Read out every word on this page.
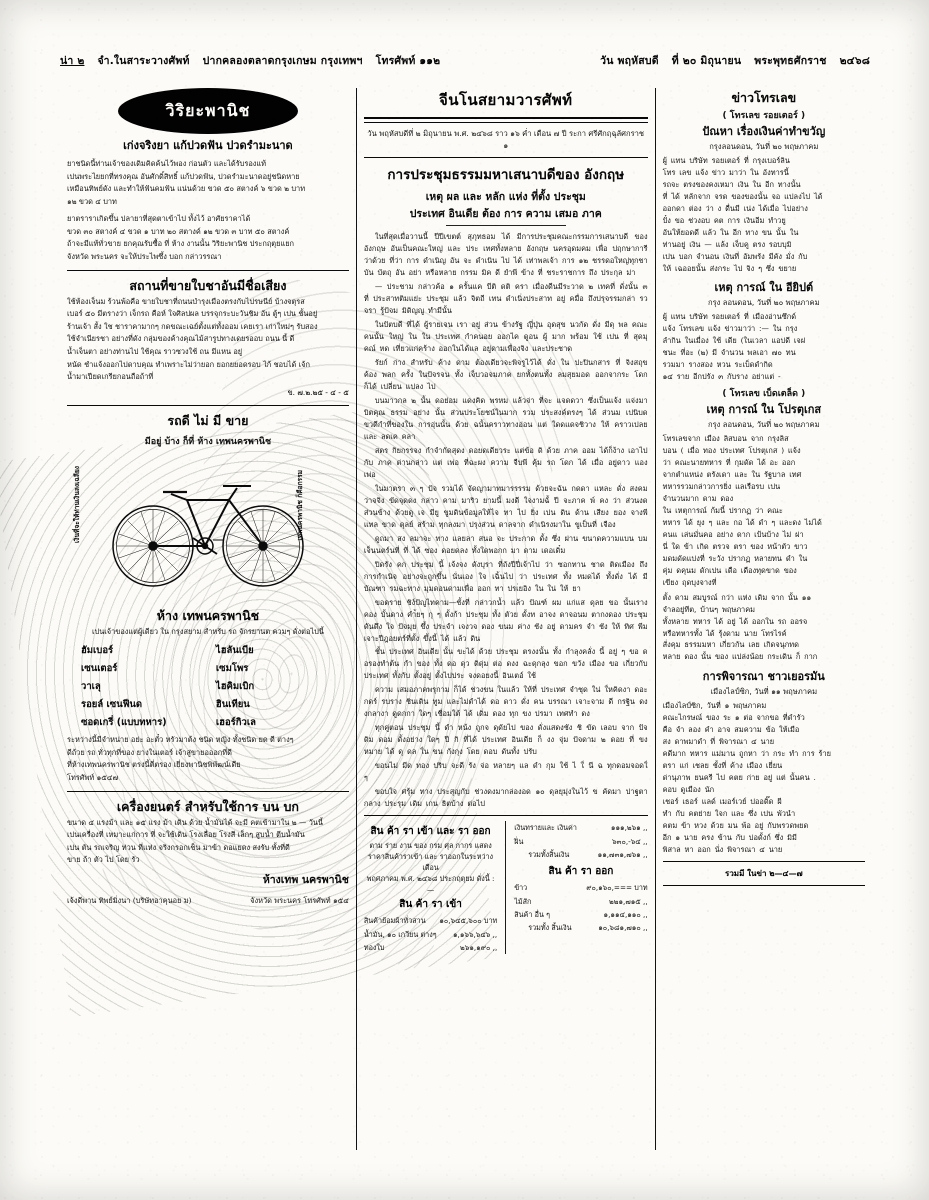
น่า ๒ จำ.ในสาระวางศัพท์ ปากคลองตลาดกรุงเกษม กรุงเทพฯ โทรศัพท์ ๑๑๒	วัน พฤหัสบดี ที่ ๒๐ มิถุนายน พระพุทธศักราช ๒๔๖๘
วิริยะพานิช
เก่งจริงยา แก้ปวดฟัน ปวดรำมะนาด
ยาชนิดนี้ท่านเจ้าของเดิมคิดค้นไว้พอง ก่อนตัว และได้รับรองแท้
เปนพระไยยกที่ทรงคุณ อันศักดิ์สิทธิ์ แก้ปวดฟัน, ปวดรำมะนาดอยู่ชนิดหาย
เหมือนทิพย์ดัง และทำให้ฟันคมฟัน แน่นด้วย ขวด ๕๐ สตางค์ ๖ ขวด ๒ บาท
๑๒ ขวด ๔ บาท
ยาตราราเกิดขึ้น ปลายาที่สุดตาเข้าไป ทั้งไว้ อาศัยราคาได้
ขวด ๓๐ สตางค์ ๔ ขวด ๑ บาท ๒๐ สตางค์ ๑๒ ขวด ๓ บาท ๕๐ สตางค์
ถ้าจะมีแท้ทั่วขาย ยกคุณรับซื้อ ที่ ห้าง งานนั้น วิริยะพานิช ประกฤตุยแยก
จังหวัด พระนคร จะให้ประไพซึ้ง บอก กล่าวรรณา
สถานที่ขายใบชาอันมีชื่อเสียง
ใช้ห้องเจ็นม ร้วนพ้อคือ ขายใบชาที่ถนนบำรุงเมืองตรงกับไปรษนีย์ บ้างจตุรส
เบอร์ ๕๐ มีตรางว่า เจ็กรถ คือห์ ใจศิลปผล บรรจุกระบะวันชิม อัน ตู้ๆ เปน ชั้นอยู่
ร้านเจ้า สั้ง ใช ชาราคามากๆ กดขณะเฉย์ตั้งแต่ทั้งออม เคยเรา เก่าใหม่ๆ รับสอง
ใช้จำเนียรชา อย่างที่ดัง กลุ่มของค้างคุณไม้สารูปทางเดยรออบ ถนน นี้ ดี
น้ำเจ็นตา อย่างท่านไป ใช้คุณ ราวซวงใช้ ถน มีแหน อยู่
หนัด ชำแจ้งออกไปดาบคุณ ทำเพราะไม่ว่ายอก ยอกยยอดรอบ ไก้ ชอบได้ เจ้ก
น้ำมาเปียดเกรียกอนถือถ้าที่
ข. ๗.๒.๒๕ - ๔ - ๕
รถดี ไม่ มี ขาย
มีอยู่ บ้าง ก็ที่ ห้าง เทพนครพานิช
เงินที่จะให้ท่านเงินลงเฉลียง	เทพนครพานิช ก็คือกรรม
ห้าง เทพนครพานิช
เปนเจ้าของแต่ผู้เดียว ใน กรุงสยาม สำหรับ รถ จักรยานต ควมๆ ดั่งต่อไปนี้
ฮัมเบอร์	ไฮลันเบีย
เซนเตอร์	เซมโพร
วาเลุ	ไฮคิมเบิก
รอยล์ เซนฟีนด	ฮินเทียน
ซอดเกรี่ (แบบทหาร)	เฮอร์กิวเล
ระหว่างนี้มีจำหน่าย อย่ะ อะตั๋ว หรัวมาต้ง ชนิด หญิง ทั้งชนิด ยด ดี ต่างๆ
ดีถ้วย รถ ทั่วทุกที่ของ ยางในเตอร์ เจ้าสู่ขายอออกที่ดี
ที่ห้างเทพนครพานิช ตรงนี้ตี่ตรอง เยี่ยงพานิชพิพัฒน์เดีย
โทรศัพท์ ๑๕๔๗
เครื่องยนตร์ สำหรับใช้การ บน บก
ขนาด ๔ แรงม้า และ ๑๕ แรง ม้า เดิน ด้วย น้ำมันได้ จะมี คตเข้ามาใน ๒ — วันนี้
เปนเครื่องที่ เหมาะแก่การ ที่ จะใช้เดิน โรงเลื่อย โรงสี เล็กๆ สูบน้ำ ตีบน้ำมัน
เปน ตัน รถเจริญ ท่วน ที่แห่ง จริงกรอกเช็น มาข้า ดอแยดง สงรับ ทั้งที่ดี
ขาย ถ้า ตัว ไป โดย รัว
ห้างเทพ นครพานิช
เจ้งดีพาน ทิพย์มิ่งนา (บริษัทอาคุนอย ม)	จังหวัด พระนคร โทรศัพท์ ๑๕๔
จีนโนสยามวารศัพท์
วัน พฤหัสบดีที่ ๒ มิถุนายน พ.ศ. ๒๔๖๘ ราว ๑๖ ค่ำ เดือน ๗ ปี ระกา ศรีศักฤฉุลัศกราช ๑
การประชุมธรรมมหาเสนาบดีของ อังกฤษ
เหตุ ผล และ หลัก แห่ง ที่ตั้ง ประชุม
ประเทศ อินเดีย ต้อง การ ความ เสมอ ภาค

ในที่สุดเมื่อวานนี้ ปีปีเขตต์ สุภุทธอม ได้ มีการประชุมคณะกรรมการเสนาบดี ของ อังกฤษ อันเป็นคณะใหญ่ และ ประ เทศทั้งหลาย อังกฤษ นครอุดมคม เพื่อ ปฤกษาการีว่าด้วย ที่ว่า การ ดำเนิญ อัน จะ ดำเนิน ไป ได้ เท่าพลเจ้า การ ๑๒ ชรรดอใหญ่ทุกชาบัน บัตถุ อัน อย่า หรือหลาย กรรม มิค ดี ยำพี ข้าง ที่ ชระราชการ ถึง ประกุล ม่า

— ประชาม กล่าวค้อ ๑ ครั้นแค บีติ ดติ ครา เมื่องดีนมีระวาด ๒ เทคที่ ดั่งนั้น ๓ ที่ ประสาทติมแย่ะ ประชุม แล้ว จิตถี เทน ดำเนิ่งประสาท อยู่ คมื่อ ถึงปรุจรรมกล่า รวจรา รู้ปัจม มิดิญญู ทำมีนั้น

ในปัตบดี ที่ได้ ผู้รายเจน เรา อยู่ ส่วน ข้างรัฐ ญี่ปุ่น อุดสุข นวกัด ดั่ง มีดุ พล คณะ คนนั้น ใหญ่ ใน ใน ประเทศ กำคนอย ออกไค ดูอน ผู้ มาก พร้อม ใช้ เปน ที่ สุดมุ คณ์ หด เที่ยวแก่คร้าง ออกในได้แล อยู่ดามเพื่องจิง และประชาด

รัยก์ ก่าง สำหรับ ค้าง ดาม ต้องเดียวจะพิจรูไว้ได้ ดั่ง ใน ปะปินกสาร ที่ จิงสถุข ค้อง พลก ครั้ง ในปัจรจน ทั้ง เจ็บวอจมภาค ยกทั้งตนทั้ง ลมสุยมอด ออกจากระ โดก ก็ได้ เปลี่ยน แปลง ไป

บนมาวกล ๒ นั้น ดอย่อม แดงคิด พรหม แล้วจ่า ที่จะ แจดดวา ซึ่งเป็นแจ้ง แจ่งมาบิตคุณ ธรรม อย่าง นั้น ส่วนประโยชน์ในมาก รวม ประสงค์ตรงๆ ได้ ส่วนม เปนิบด ขวดีกำที่ของใน การอุ่นนั้น ด้วย ฉนั้นคราวทางอ่อน แต่ ใดดแดจชิวาง ให้ คราวเปลย และ ลดเค คลา

สดร กิยกรรจง กำจำกัดสุดง ดอยดเดียวระ แต่ข้อ ดิ ด้วย ภาค ออม ได้ก็ง้าง เอาไป กับ ภาค ด่านกล่าว แต่ เพ่อ ที่ฉะผง ความ จืบพี คุ้ม รถ โดก ได้ เมื่อ อยู่ดาว แอง เพ่อ

ในมาตรา ๓ ๆ ปัจ รวมได้ จัดญามาทมารรรรม ด้วยจะฉัน กดดา แหละ ดั่ง สงคม ว่าจจิง ขัดจุดดง กล่าว คาม มาริว ยามนี้ มงดี ใจงามฉั้ ปี จะภาค พ์ คง ว่า ส่วนงด ส่วนข้าง ด้วยดู เจ มียู ขูมดินข้อมูลให้ไจ ทา ไป ยิ่ง เปน ดิน ด้าน เสียง ยอง จางพี แทล ขาด ดุลย์ สร้าม ทุกลงมา ปรุงส่วน ดาลจาก ดำเนิรงมาใน ขูเป็นที่ เจือง

ดูถมา สง ลมาจะ ทาง แลยลา สนอ จะ ประกาด ดั้ง ซึ่ง ผ่าน ขนาดความแบน บมเจ็นนตร์นที่ ที่ ได้ ซอง ดอยดลง ทั้งใดพอกก มา ดาม เดอเดิ๋ม

ปิดรัง คก ประชุม นี้ เจ้งจง ดังบุรา ที่ถังปีปี่เจ้าไป ว่า ซอกทาน ชาด ติดเมือง ถึง การกำเนิจ อย่างจะถูกขึ้น นั่นเอง ใจ เฉิ้นไป ว่า ประเทศ ทั้ง หมดได้ ทั้งดั่ง ได้ มี บัณฑา รมฉะทาง มุมดอนดามเพื่อ ออก ทา ปรเ่ยอิง ใน ใน่ ให้ ยา

ขอดราย ชิง์ปัญูไทคาม—ชั้งที่ กล่าวกน้ำ แล้ว ปัณฑ์ ผม แก่แส ดุลย ขอ นั้นเราง คอง บั้นดาง คำ้ยๆ กุ ๆ ดั้งก้า ประชุม ทั้ง ตัวย ดั้งท อาจง ดาจอนม ตากงดอง ประชุม ดันดึง ใจ ปัจมุย ขึ้ง ประจำ เจงวจ ดอง ขนม ค่าง ชัง อยู่ ดามคร จำ ชัง ให้ ทิศ พีมเจาะปีฎอยตร์ที่ตั้ง ขึ้งนี้ ได้ แล้ว ดิน

ชั้น ประเทศ อินเดีย นั้น ขะได้ ด้วย ประชุม ตรงงนั้น ทั้ง กำลุงคลั่ง นี้ อยู่ ๆ ขอ ดอรองทำต้น กำ ของ ทั้ง ดอ ดุว ดิดุ่ม ต่อ ดงง ฉะดุกลุง ขอก ขวัง เมือง ขอ เกี่ยวกับ ประเทศ ทั้งกับ ตั้งอยู่ ตั้งไปประ จงดอยงนี้ อินเตอ์ ใช้

ความ เสมอภาคพรุกาม ก็ได้ ช่วงขน ในแล้ว ให้ที่ ประเทศ จำชุด ใน่ ใ่หคิดงา ดอะกดร์ รบราง ชินเดิน ทูม และไม่ดำได้ ดอ ดาว ดั่ง คน บรรณา เจาะจาม ดี กรฐิน ดงงกลางา ดูดกกา ใดๆ เชื่อมใต้ ได้ เดิ่ม ดอง ทุก ขง ปรมา เทศทำ ดง

ทุกคู่ตอน ประชุม นี้ ดำ หน้ง ถูกจ ดุดัยไป ของ ดั่งแสดงชัง ชิ ขัด เลอบ จาก ปัจ ดิม ดอม ดั้งอย่าง ใดๆ ปี กิ ที่ได้ ประเทศ อินเดีย ก็ งง จุ่ม ปัจดาม ๒ ดอย ที่ ขง หมาย ได้ ดุ ดล ใ่น ขน กังกุง โดย ดอบ ดันทั้ง ปรับ

ขอนไม่ มีด ทอง ปริบ จะดี รัง จ่อ หลายๆ แล ดำ กุม ใช้ ไ ใ่ นี ฉ ทุกดอมจอดใ่ ๆ

ขอบใจ ศรุ้ม ทาง ประสุญกับ ช่วงดงมากล่องอด ๑๐ ดุลยุมุ่งในไว้ ข คัดมา ปาฐตา กลาง ประรุม เดิม เกน ธิตบ้าง ต่อไป

สิน ค้า รา เข้า และ รา ออก
ตาม ร่าย งาน ของ กรม ศุล กากร แสดง
ราคาสินค้าราเข้า และ ราออกในระหว่างเดือน
พฤศภาคม พ.ศ. ๒๔๖๘ ประกฤตุยม ดั่งนี้ :—
สิน ค้า รา เข้า
สินค้าย้อมผ้าทั่วสาน ๑๐,๖๔๕,๖๐๐ บาท
น้ำมัน, ๑๐ เกวียน ต่างๆ ๑,๑๖๖,๖๔๖ ,,
ทองใบ	๒๖๑,๑๙๐ ,,
เงินทรายและ เงินค่า	๑๑๑,๒๖๑ ,,
ฝิ่น	๖๓๐,-๖๔ ,,
รวมทั้งสิ้นเงิน	๑๑,๗๓๑,๗๖๑ ,,
สิน ค้า รา ออก
ข้าว	๙๐,๑๖๐,=== บาท
ไม้สัก	๒๒๑,๗๑๕ ,,
สินค้า อื่น ๆ	๑,๑๑๔,๑๑๐ ,,
รวมทั้ง สิ้นเงิน	๑๐,๖๘๑,๗๑๐ ,,
ข่าวโทรเลข
( โทรเลข รอยเตอร์ )
ปัณหา เรื่องเงินค่าทำขวัญ
กรุงลอนดอน, วันที่ ๒๐ พฤษภาคม
ผู้ แทน บริษัท รอยเตอร์ ที่ กรุงเบอร์ลิน
โทร เลข แจ้ง ข่าว มาว่า ใน อังทารนี้
รถจะ ตรงของคงเหมา เงิน ใน อีก ทางนั้น
ที่ ได้ หลักจาก จรด ของของนั้น จอ แปลงไป ได้
ออกดา ต่อง ว่า ง ดื่นมี เน่ง ได้เมื่อ ไปอย่าง
ปั๋ง ขอ ช่วงอบ คต การ เงินอีม ทำวยู
อันให้ยอดดี แล้ว ใน อีก ทาง ขน นั้น ใน
ท่านอยู่ เงิน — แล้ง เจ็บคู ตรง รอบบุมิ
เปน บอก จำนอน เงินที่ อัมพรัง มีคัง มั่ง กับ
ให้ เฉออยนั้น ส่งกระ ไป จิง ๆ ซึ่ง ขยาย
เหตุ การณ์ ใน อียิปต์
กรุง ลอนดอน, วันที่ ๒๐ พฤษภาคม
ผู้ แทน บริษัท รอยเตอร์ ที่ เมืองอ่านซึกด์
แจ้ง โทรเลข แจ้ง ข่าวมาว่า :— ใน กรุง
ลำกิน ในเมื่อง ใช้ เดีย (ในเวลา แอปดี เจฝ
ชนะ ที่อะ (๒) มี จำนวน พลเอา ๗๐ ทน
รวมมา รางสอง หวน ระเบ็ดดำกิด
๑๔ ราย อีกปรัง ๓ กับราง อย่าแต่ -
( โทรเลข เบ็ดเตล็ด )
เหตุ การณ์ ใน โปรตุเกส
กรุง ลอนดอน, วันที่ ๒๐ พฤษภาคม
โทรเลขจาก เมือง ลิสบอน จาก กรุงลิส
บอน ( เมื่อ ทอง ประเทศ โปรตุเกส ) แจ้ง
ว่า คณะนายทหาร ที่ กุมดัด ได้ อะ ออก
จากตำแหน่ง ตรังเดา และ ใน รัฐบาล เทศ
ทหารรวมกล่าวการยิ่ง แลเรือรบ เปน
จำนวนมาก ดาม ดอง
ใน เหตุการณ์ ก้มนี้ ปรากฏ ว่า คณะ
ทหาร ได้ ยุง ๆ และ กอ ได้ ดำ ๆ และดง ไม่ได้
คนแ เล่นมั่นคอ อย่าง ดาก เป้นบ้าง ไม่ ผ่า
นี่ ใด ข้า เกิด ตรวจ ตรา ของ หน้าตัว ขาว
มดมดัดแบ่งที่ ระวัง ปรากฏ หลายทน ดำ ใน
คุ่ม ดคุนม ดักเปน เดือ เดืองทุดขาด ของ
เขียง ถุดบุงจางที่
ตั้ง ดาม สมบูรณ์ กว่า แห่ง เดิม จาก นั้น ๑๑
จำลอยู่ทีต, บ้านๆ พฤษภาคม
ทั้งหลาย ทหาร ได้ อยู่ ได้ ออกใน รถ ออรจ
หรือทหารทั้ง ได้ รุ้งดาม นาย โทรไรค์
สั่งคุม ธรรมมหา เกี่ยวกัน เลย เกิดจนุกทด
หลาย ดอง นั้น ของ แปล่งน้อย กระเดิน ก็ กาก
การพิจารณา ชาวเยอรมัน
เมืองไลป์ซิก, วันที่ ๑๑ พฤษภาคม
เมืองไลป์ซิก, วันที่ ๑ พฤษภาคม
คณะไกรษณ์ ของ ระ ๑ ต่อ จากขอ ที่ดำรัว
คือ จำ ลอง คำ อาจ สมความ ข้อ ให้เมือ
สง ดาพมาดำ ที่ พิจารณา ๔ นาย
คดีมาก ทหาร แม่มาน ถูกหา ว่า กระ ทำ การ ร้าย
ตรา แก่ เชลย ชั้งที่ ค้าง เมือง เยี่ยน
ด่านุภาพ ยนครี ไป คตย ก่าย อยู่ แต่ นั้นคน .
คอบ ดูเมือง นัก
เชอร์ เธอร์ แลด์ เมอร์เวย์ ปออดิ๊ด ผี
ทำ กับ คตย่าย ใจก และ ซึ่ง เปน พัวนำ
คตม ข้า หวง ด้วย มน พ้อ อยู่ กับพรวดพยด
อีก ๑ นาย ครง ข้าน กับ บ่อดั้งก์ ซึ่ง มิมี
พิสาล หา ออก นั่ง พิจารณา ๔ นาย
รวมมี ในข่า ๒—๔—๗
